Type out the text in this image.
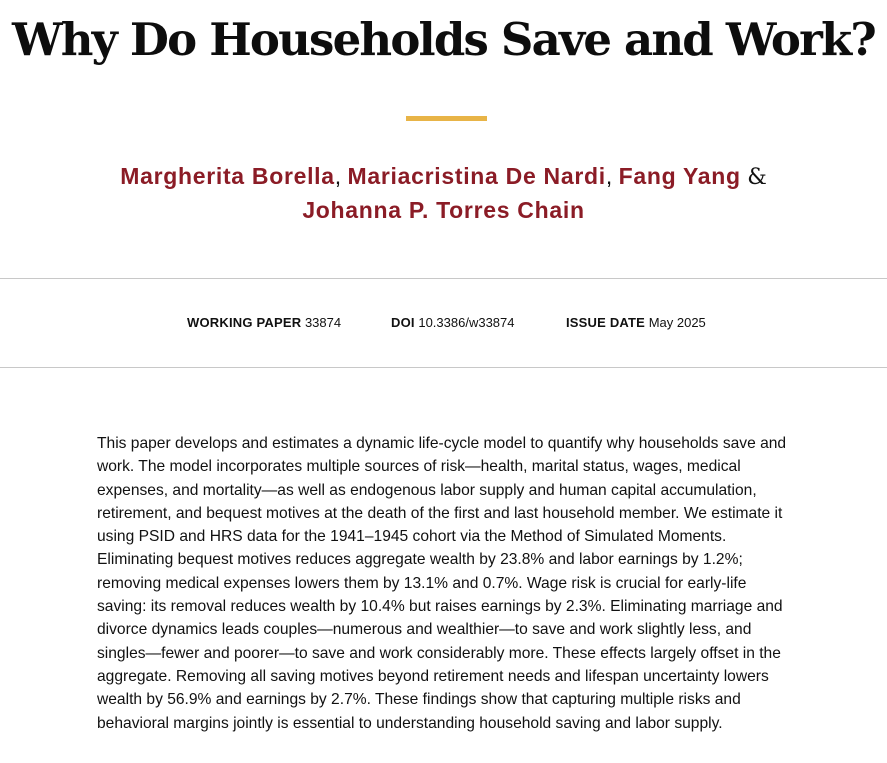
Why Do Households Save and Work?
Margherita Borella, Mariacristina De Nardi, Fang Yang &
Johanna P. Torres Chain
WORKING PAPER 33874	DOI 10.3386/w33874	ISSUE DATE May 2025

This paper develops and estimates a dynamic life-cycle model to quantify why households save and work. The model incorporates multiple sources of risk—health, marital status, wages, medical expenses, and mortality—as well as endogenous labor supply and human capital accumulation, retirement, and bequest motives at the death of the first and last household member. We estimate it using PSID and HRS data for the 1941–1945 cohort via the Method of Simulated Moments. Eliminating bequest motives reduces aggregate wealth by 23.8% and labor earnings by 1.2%; removing medical expenses lowers them by 13.1% and 0.7%. Wage risk is crucial for early-life saving: its removal reduces wealth by 10.4% but raises earnings by 2.3%. Eliminating marriage and divorce dynamics leads couples—numerous and wealthier—to save and work slightly less, and singles—fewer and poorer—to save and work considerably more. These effects largely offset in the aggregate. Removing all saving motives beyond retirement needs and lifespan uncertainty lowers wealth by 56.9% and earnings by 2.7%. These findings show that capturing multiple risks and behavioral margins jointly is essential to understanding household saving and labor supply.
